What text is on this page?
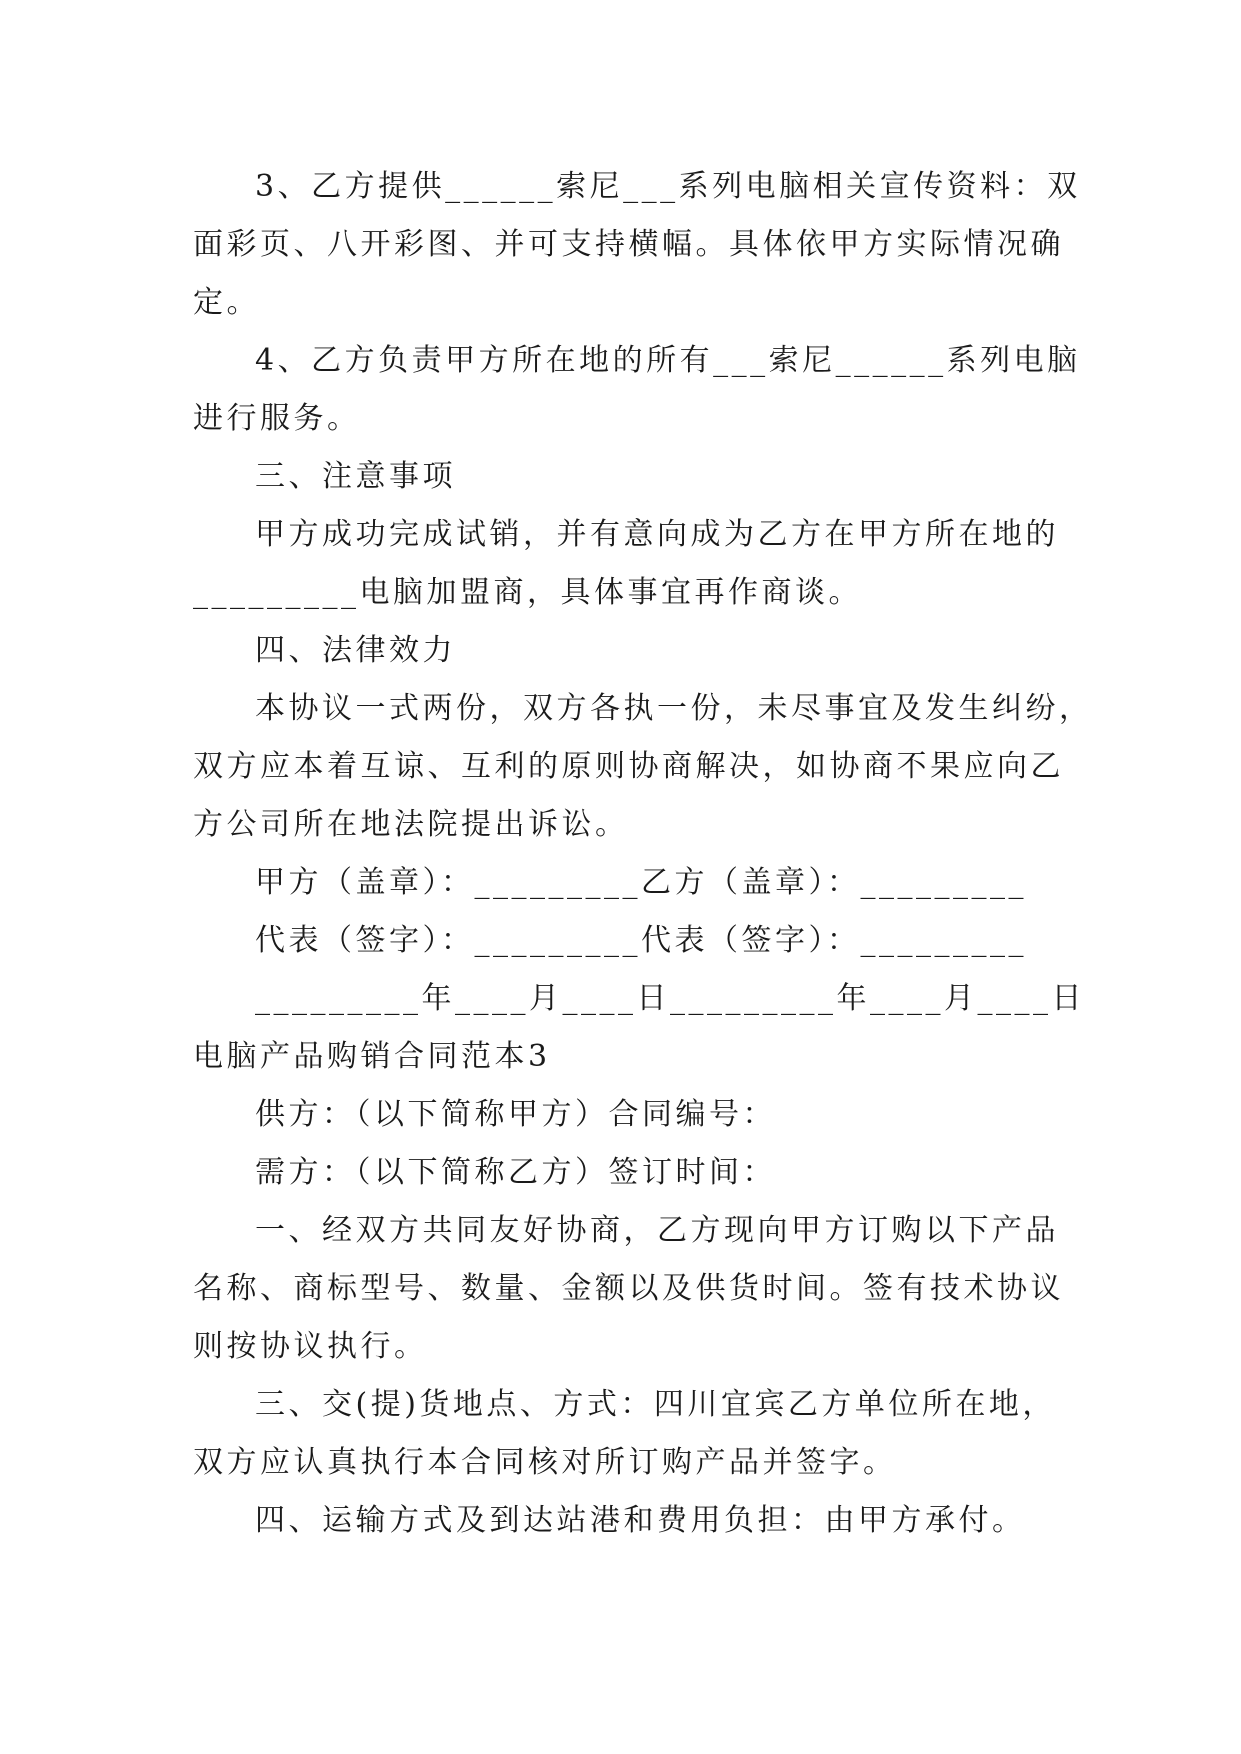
3、乙方提供______索尼___系列电脑相关宣传资料：双
面彩页、八开彩图、并可支持横幅。具体依甲方实际情况确
定。
4、乙方负责甲方所在地的所有___索尼______系列电脑
进行服务。
三、注意事项
甲方成功完成试销，并有意向成为乙方在甲方所在地的
_________电脑加盟商，具体事宜再作商谈。
四、法律效力
本协议一式两份，双方各执一份，未尽事宜及发生纠纷，
双方应本着互谅、互利的原则协商解决，如协商不果应向乙
方公司所在地法院提出诉讼。
甲方（盖章）：_________乙方（盖章）：_________
代表（签字）：_________代表（签字）：_________
_________年____月____日_________年____月____日
电脑产品购销合同范本3
供方：（以下简称甲方）合同编号：
需方：（以下简称乙方）签订时间：
一、经双方共同友好协商，乙方现向甲方订购以下产品
名称、商标型号、数量、金额以及供货时间。签有技术协议
则按协议执行。
三、交(提)货地点、方式：四川宜宾乙方单位所在地，
双方应认真执行本合同核对所订购产品并签字。
四、运输方式及到达站港和费用负担：由甲方承付。
